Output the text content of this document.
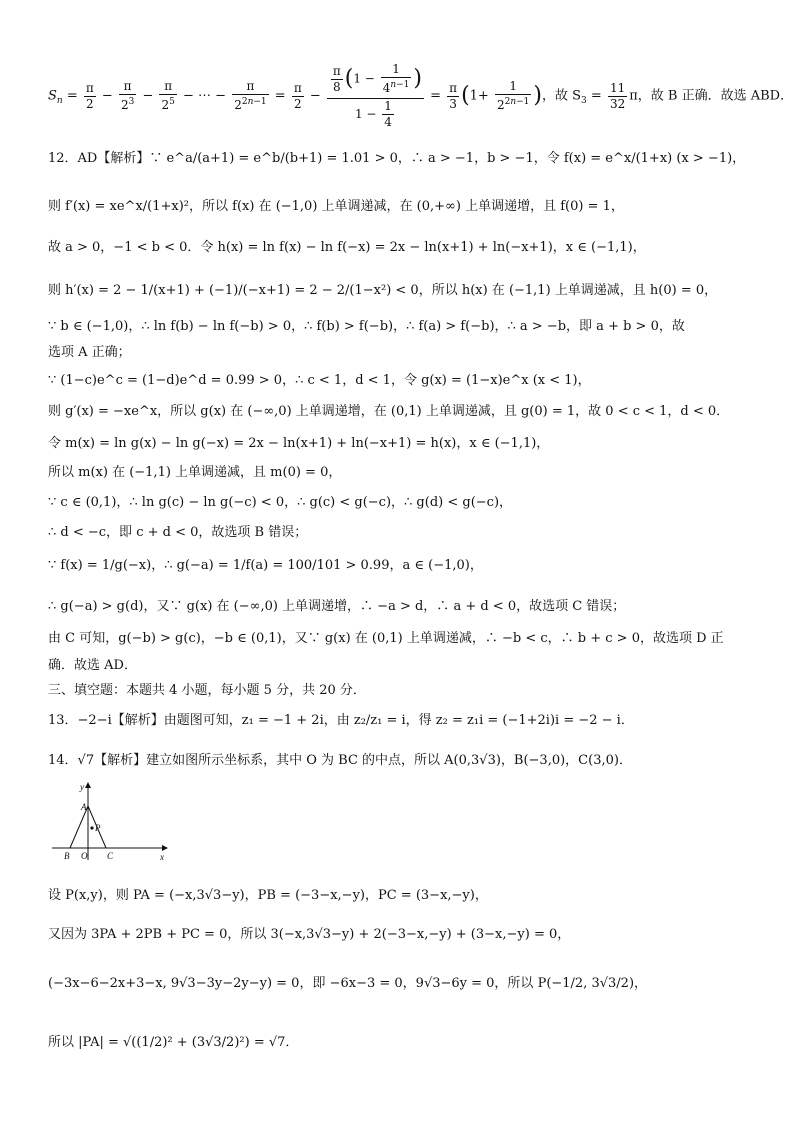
$S_n = \frac{\pi}{2} - \frac{\pi}{2^3} - \frac{\pi}{2^5}$ − ⋯ − $\frac{\pi}{2^{2n-1}} = \frac{\pi}{2} - \frac{\frac{\pi}{8} (1 - \frac{1}{4^{n-1}} )}{1 - \frac{1}{4}} = \frac{\pi}{3} (1+ \frac{1}{2^{2n-1}}$ )，故 $S_3 = \frac{11}{32}$ π，故 B 正确．故选 ABD．
12．AD【解析】∵ e^a/(a+1) = e^b/(b+1) = 1.01 > 0，∴ a > −1，b > −1，令 f(x) = e^x/(1+x) (x > −1)，
则 f′(x) = xe^x/(1+x)²，所以 f(x) 在 (−1,0) 上单调递减，在 (0,+∞) 上单调递增，且 f(0) = 1，
故 a > 0，−1 < b < 0．令 h(x) = ln f(x) − ln f(−x) = 2x − ln(x+1) + ln(−x+1)，x ∈ (−1,1)，
则 h′(x) = 2 − 1/(x+1) + (−1)/(−x+1) = 2 − 2/(1−x²) < 0，所以 h(x) 在 (−1,1) 上单调递减，且 h(0) = 0，
∵ b ∈ (−1,0)，∴ ln f(b) − ln f(−b) > 0，∴ f(b) > f(−b)，∴ f(a) > f(−b)，∴ a > −b，即 a + b > 0，故
选项 A 正确；
∵ (1−c)e^c = (1−d)e^d = 0.99 > 0，∴ c < 1，d < 1，令 g(x) = (1−x)e^x (x < 1)，
则 g′(x) = −xe^x，所以 g(x) 在 (−∞,0) 上单调递增，在 (0,1) 上单调递减，且 g(0) = 1，故 0 < c < 1，d < 0．
令 m(x) = ln g(x) − ln g(−x) = 2x − ln(x+1) + ln(−x+1) = h(x)，x ∈ (−1,1)，
所以 m(x) 在 (−1,1) 上单调递减，且 m(0) = 0，
∵ c ∈ (0,1)，∴ ln g(c) − ln g(−c) < 0，∴ g(c) < g(−c)，∴ g(d) < g(−c)，
∴ d < −c，即 c + d < 0，故选项 B 错误；
∵ f(x) = 1/g(−x)，∴ g(−a) = 1/f(a) = 100/101 > 0.99，a ∈ (−1,0)，
∴ g(−a) > g(d)，又∵ g(x) 在 (−∞,0) 上单调递增，∴ −a > d，∴ a + d < 0，故选项 C 错误；
由 C 可知，g(−b) > g(c)，−b ∈ (0,1)，又∵ g(x) 在 (0,1) 上单调递减，∴ −b < c，∴ b + c > 0，故选项 D 正
确．故选 AD．
三、填空题：本题共 4 小题，每小题 5 分，共 20 分．
13．−2−i【解析】由题图可知，z₁ = −1 + 2i，由 z₂/z₁ = i，得 z₂ = z₁i = (−1+2i)i = −2 − i．
14．√7【解析】建立如图所示坐标系，其中 O 为 BC 的中点，所以 A(0,3√3)，B(−3,0)，C(3,0)．
y
x
A
P
B O C
设 P(x,y)，则 PA = (−x,3√3−y)，PB = (−3−x,−y)，PC = (3−x,−y)，
又因为 3PA + 2PB + PC = 0，所以 3(−x,3√3−y) + 2(−3−x,−y) + (3−x,−y) = 0，
(−3x−6−2x+3−x, 9√3−3y−2y−y) = 0，即 −6x−3 = 0，9√3−6y = 0，所以 P(−1/2, 3√3/2)，
所以 |PA| = √((1/2)² + (3√3/2)²) = √7．
